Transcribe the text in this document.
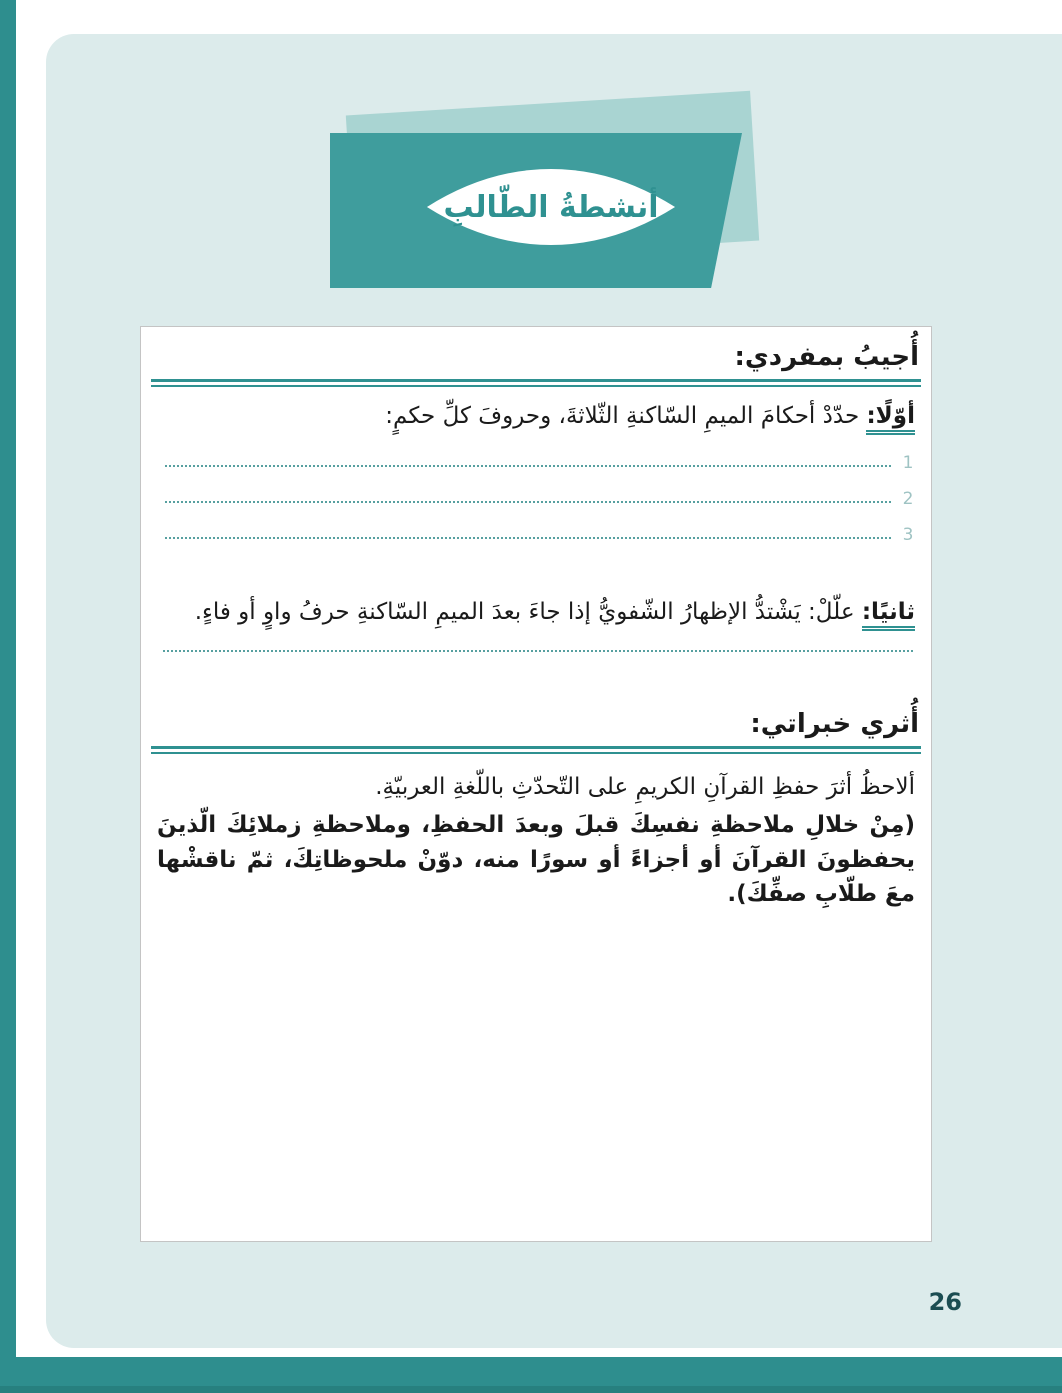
أنشطةُ الطّالبِ
أُجيبُ بمفردي:
أوّلًا: حدّدْ أحكامَ الميمِ السّاكنةِ الثّلاثةَ، وحروفَ كلِّ حكمٍ:
1
2
3
ثانيًا: علّلْ: يَشْتدُّ الإظهارُ الشّفويُّ إذا جاءَ بعدَ الميمِ السّاكنةِ حرفُ واوٍ أو فاءٍ.
أُثري خبراتي:
ألاحظُ أثرَ حفظِ القرآنِ الكريمِ على التّحدّثِ باللّغةِ العربيّةِ.
(مِنْ خلالِ ملاحظةِ نفسِكَ قبلَ وبعدَ الحفظِ، وملاحظةِ زملائِكَ الّذينَ يحفظونَ القرآنَ أو أجزاءً أو سورًا منه، دوّنْ ملحوظاتِكَ، ثمّ ناقشْها معَ طلّابِ صفِّكَ).
26
